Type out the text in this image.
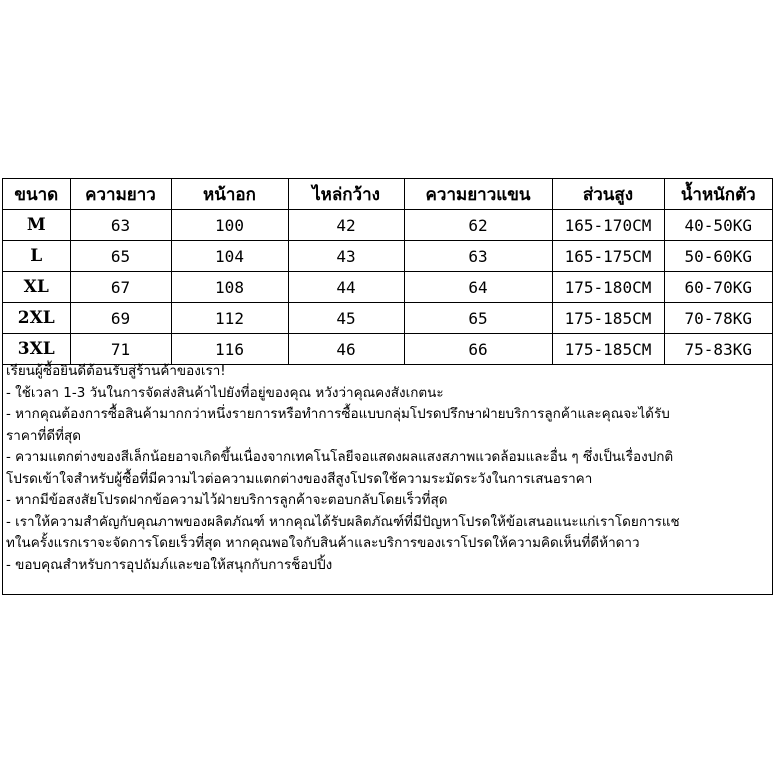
ขนาด	ความยาว	หน้าอก	ไหล่กว้าง	ความยาวแขน	ส่วนสูง	น้ำหนักตัว
M	63	100	42	62	165-170CM	40-50KG
L	65	104	43	63	165-175CM	50-60KG
XL	67	108	44	64	175-180CM	60-70KG
2XL	69	112	45	65	175-185CM	70-78KG
3XL	71	116	46	66	175-185CM	75-83KG
เรียนผู้ซื้อยินดีต้อนรับสู่ร้านค้าของเรา!
- ใช้เวลา 1-3 วันในการจัดส่งสินค้าไปยังที่อยู่ของคุณ หวังว่าคุณคงสังเกตนะ
- หากคุณต้องการซื้อสินค้ามากกว่าหนึ่งรายการหรือทำการซื้อแบบกลุ่มโปรดปรึกษาฝ่ายบริการลูกค้าและคุณจะได้รับ
ราคาที่ดีที่สุด
- ความแตกต่างของสีเล็กน้อยอาจเกิดขึ้นเนื่องจากเทคโนโลยีจอแสดงผลแสงสภาพแวดล้อมและอื่น ๆ ซึ่งเป็นเรื่องปกติ
โปรดเข้าใจสำหรับผู้ซื้อที่มีความไวต่อความแตกต่างของสีสูงโปรดใช้ความระมัดระวังในการเสนอราคา
- หากมีข้อสงสัยโปรดฝากข้อความไว้ฝ่ายบริการลูกค้าจะตอบกลับโดยเร็วที่สุด
- เราให้ความสำคัญกับคุณภาพของผลิตภัณฑ์ หากคุณได้รับผลิตภัณฑ์ที่มีปัญหาโปรดให้ข้อเสนอแนะแก่เราโดยการแช
ทในครั้งแรกเราจะจัดการโดยเร็วที่สุด หากคุณพอใจกับสินค้าและบริการของเราโปรดให้ความคิดเห็นที่ดีห้าดาว
- ขอบคุณสำหรับการอุปถัมภ์และขอให้สนุกกับการช็อปปิ้ง
